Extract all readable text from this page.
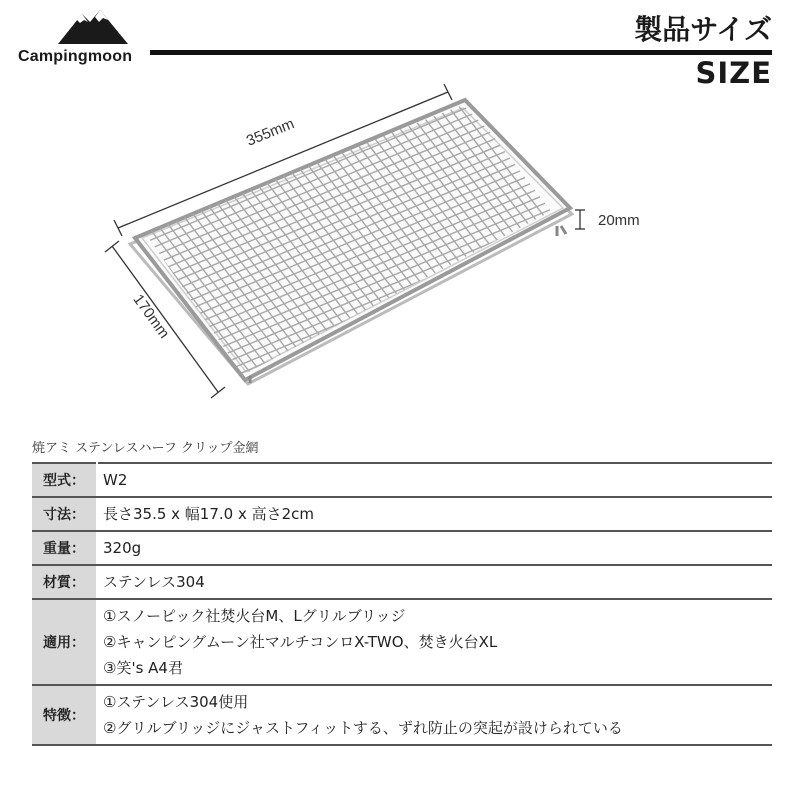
Campingmoon
製品サイズ
SIZE
355mm
170mm
20mm
焼アミ ステンレスハーフ クリップ金網
型式：	W2

寸法：	長さ35.5 x 幅17.0 x 高さ2cm

重量：	320g

材質：	ステンレス304

適用：	①スノーピック社焚火台M、Lグリルブリッジ
②キャンピングムーン社マルチコンロX-TWO、焚き火台XL
③笑's A4君

特徴：	①ステンレス304使用
②グリルブリッジにジャストフィットする、ずれ防止の突起が設けられている
